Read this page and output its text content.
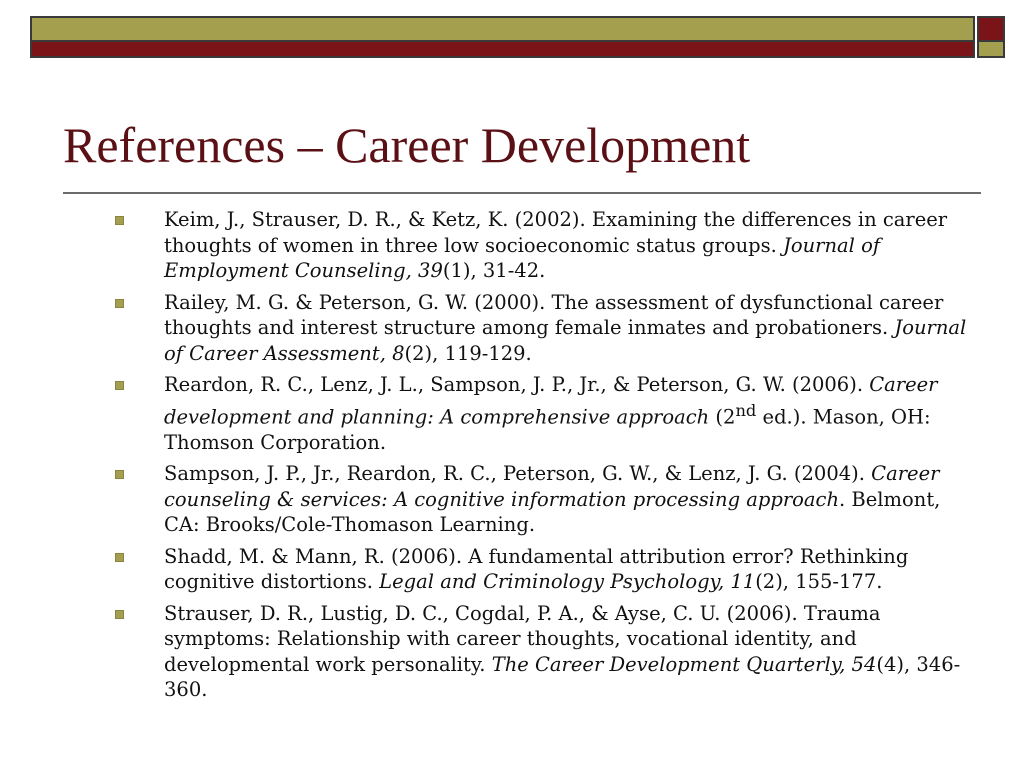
References – Career Development
Keim, J., Strauser, D. R., & Ketz, K. (2002). Examining the differences in career thoughts of women in three low socioeconomic status groups. Journal of Employment Counseling, 39(1), 31-42.
Railey, M. G. & Peterson, G. W. (2000). The assessment of dysfunctional career thoughts and interest structure among female inmates and probationers. Journal of Career Assessment, 8(2), 119-129.
Reardon, R. C., Lenz, J. L., Sampson, J. P., Jr., & Peterson, G. W. (2006). Career development and planning: A comprehensive approach (2nd ed.). Mason, OH: Thomson Corporation.
Sampson, J. P., Jr., Reardon, R. C., Peterson, G. W., & Lenz, J. G. (2004). Career counseling & services: A cognitive information processing approach. Belmont, CA: Brooks/Cole-Thomason Learning.
Shadd, M. & Mann, R. (2006). A fundamental attribution error? Rethinking cognitive distortions. Legal and Criminology Psychology, 11(2), 155-177.
Strauser, D. R., Lustig, D. C., Cogdal, P. A., & Ayse, C. U. (2006). Trauma symptoms: Relationship with career thoughts, vocational identity, and developmental work personality. The Career Development Quarterly, 54(4), 346-360.
